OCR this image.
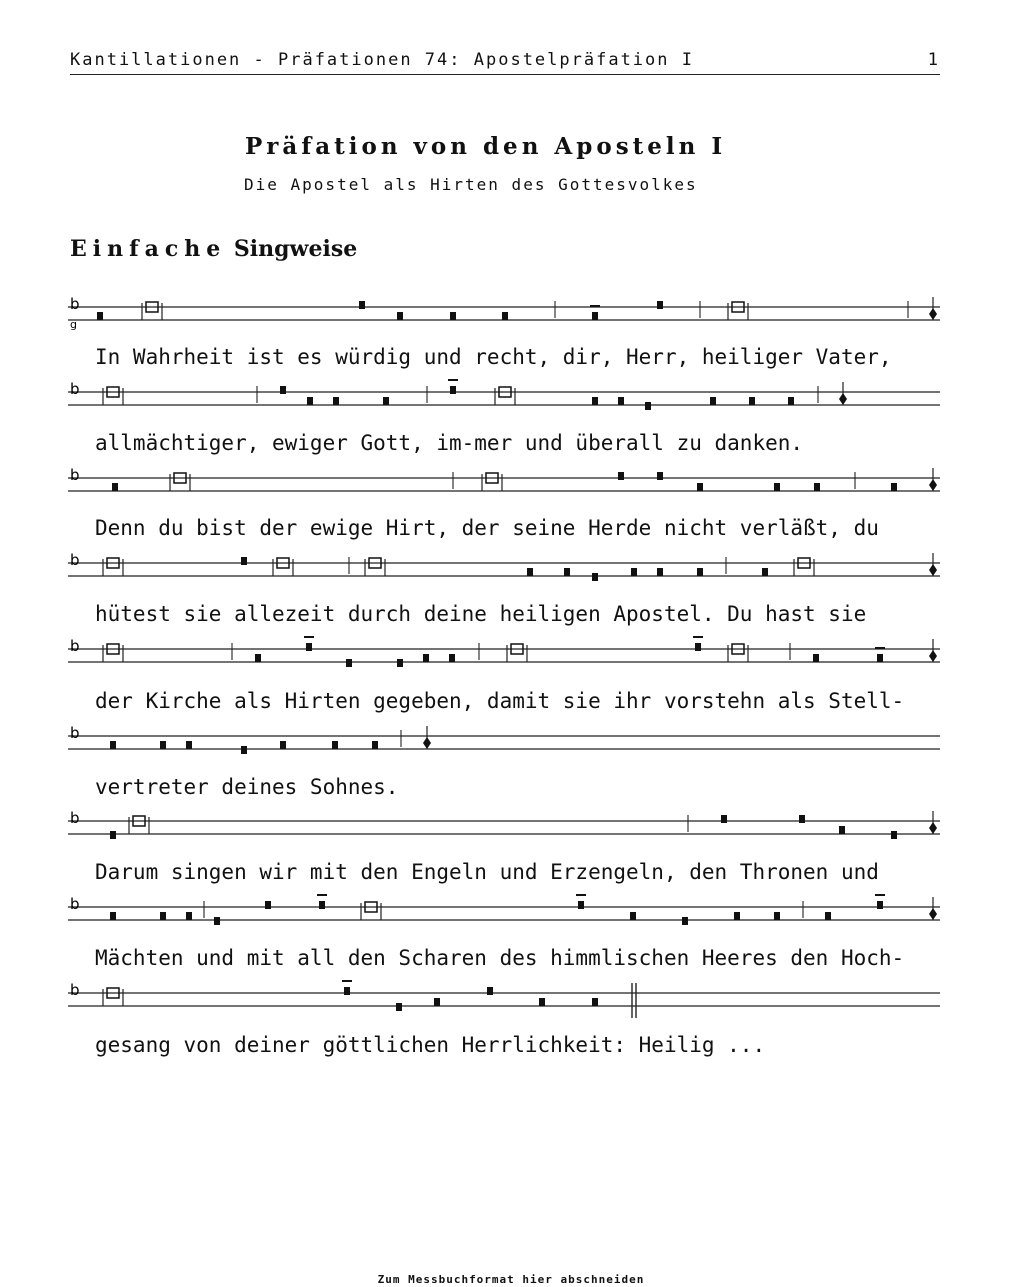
Kantillationen - Präfationen 74: Apostelpräfation I	1
Präfation von den Aposteln I
Die Apostel als Hirten des Gottesvolkes
Einfache Singweise
b
g
In Wahrheit ist es würdig und recht, dir, Herr, heiliger Vater,
b
allmächtiger, ewiger Gott, im-mer und überall zu danken.
b
Denn du bist der ewige Hirt, der seine Herde nicht verläßt, du
b
hütest sie allezeit durch deine heiligen Apostel. Du hast sie
b
der Kirche als Hirten gegeben, damit sie ihr vorstehn als Stell-
b
vertreter deines Sohnes.
b
Darum singen wir mit den Engeln und Erzengeln, den Thronen und
b
Mächten und mit all den Scharen des himmlischen Heeres den Hoch-
b
gesang von deiner göttlichen Herrlichkeit: Heilig ...
Zum Messbuchformat hier abschneiden
